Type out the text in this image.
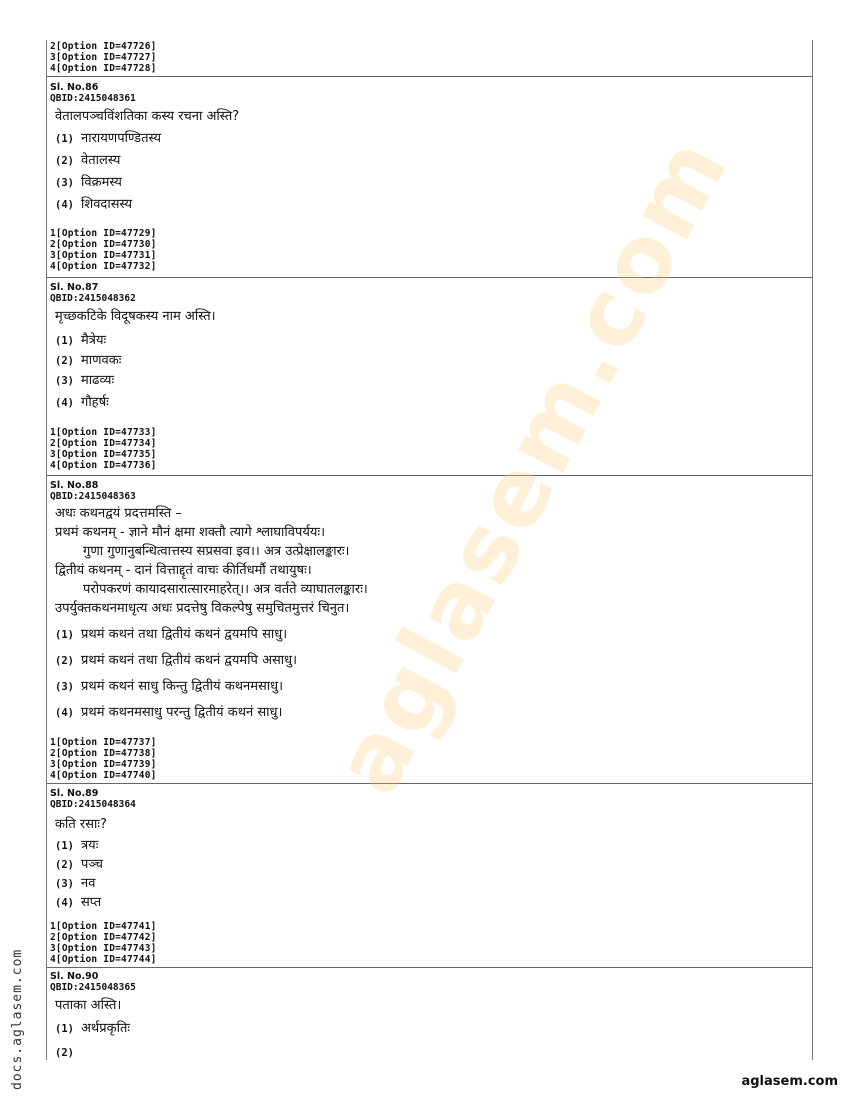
2[Option ID=47726]
3[Option ID=47727]
4[Option ID=47728]
Sl. No.86
QBID:2415048361
वेतालपञ्चविंशतिका कस्य रचना अस्ति?
(1) नारायणपण्डितस्य
(2) वेतालस्य
(3) विक्रमस्य
(4) शिवदासस्य
1[Option ID=47729]
2[Option ID=47730]
3[Option ID=47731]
4[Option ID=47732]
Sl. No.87
QBID:2415048362
मृच्छकटिके विदूषकस्य नाम अस्ति।
(1) मैत्रेयः
(2) माणवकः
(3) माढव्यः
(4) गौहर्षः
1[Option ID=47733]
2[Option ID=47734]
3[Option ID=47735]
4[Option ID=47736]
Sl. No.88
QBID:2415048363
अधः कथनद्वयं प्रदत्तमस्ति –
प्रथमं कथनम् - ज्ञाने मौनं क्षमा शक्तौ त्यागे श्लाघाविपर्ययः।
गुणा गुणानुबन्धित्वात्तस्य सप्रसवा इव।। अत्र उत्प्रेक्षालङ्कारः।
द्वितीयं कथनम् - दानं वित्ताद्दृतं वाचः कीर्तिधर्मौ तथायुषः।
परोपकरणं कायादसारात्सारमाहरेत्।। अत्र वर्तते व्याघातलङ्कारः।
उपर्युक्तकथनमाधृत्य अधः प्रदत्तेषु विकल्पेषु समुचितमुत्तरं चिनुत।
(1) प्रथमं कथनं तथा द्वितीयं कथनं द्वयमपि साधु।
(2) प्रथमं कथनं तथा द्वितीयं कथनं द्वयमपि असाधु।
(3) प्रथमं कथनं साधु किन्तु द्वितीयं कथनमसाधु।
(4) प्रथमं कथनमसाधु परन्तु द्वितीयं कथनं साधु।
1[Option ID=47737]
2[Option ID=47738]
3[Option ID=47739]
4[Option ID=47740]
Sl. No.89
QBID:2415048364
कति रसाः?
(1) त्रयः
(2) पञ्च
(3) नव
(4) सप्त
1[Option ID=47741]
2[Option ID=47742]
3[Option ID=47743]
4[Option ID=47744]
Sl. No.90
QBID:2415048365
पताका अस्ति।
(1) अर्थप्रकृतिः
(2)
aglasem.com
docs.aglasem.com	aglasem.com
